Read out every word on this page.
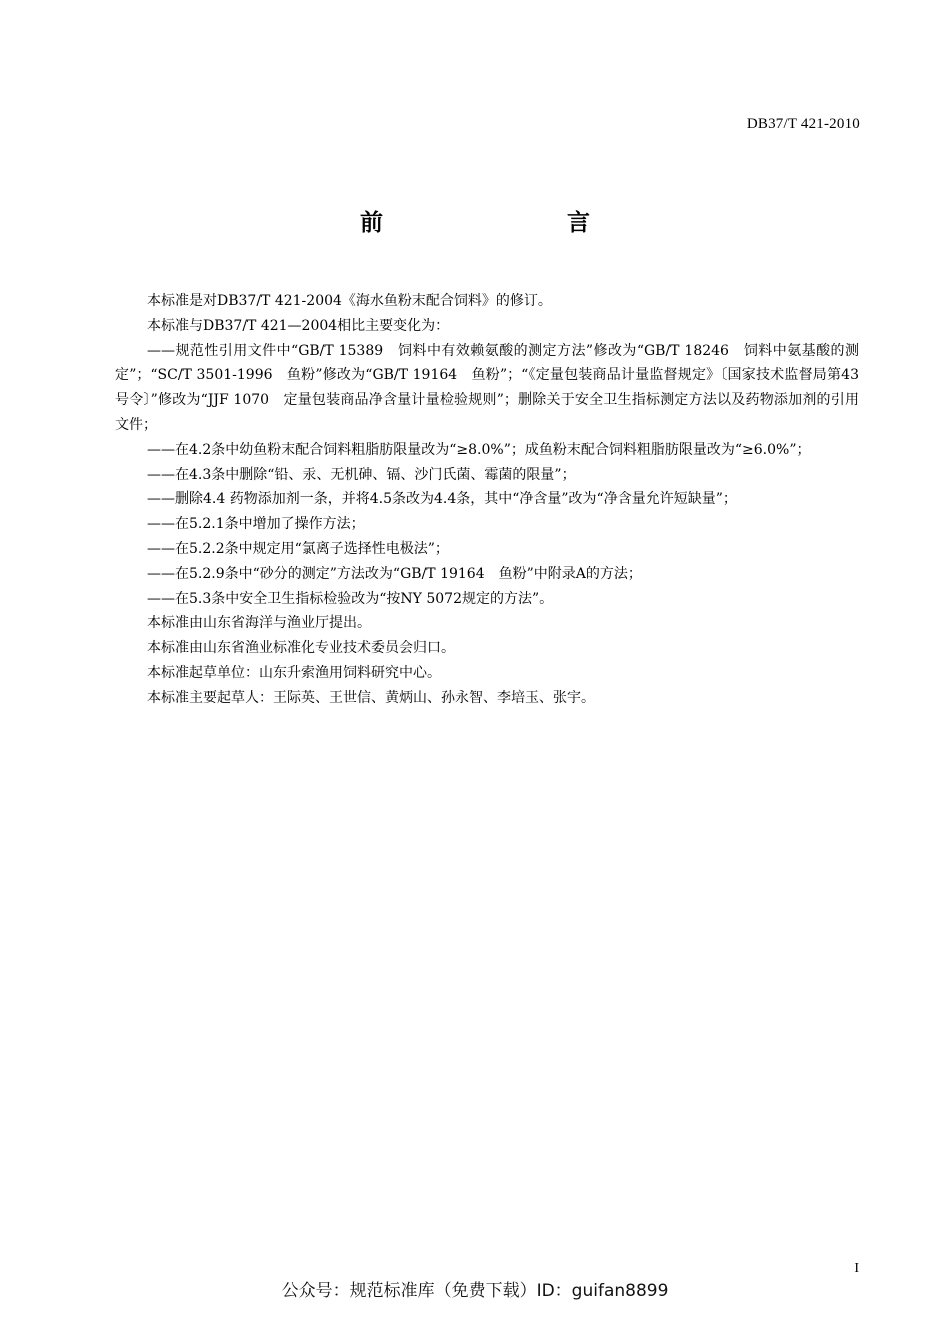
DB37/T 421-2010
前　　言

本标准是对DB37/T 421-2004《海水鱼粉末配合饲料》的修订。

本标准与DB37/T 421—2004相比主要变化为：

——规范性引用文件中“GB/T 15389　饲料中有效赖氨酸的测定方法”修改为“GB/T 18246　饲料中氨基酸的测定”；“SC/T 3501-1996　鱼粉”修改为“GB/T 19164　鱼粉”；“《定量包装商品计量监督规定》〔国家技术监督局第43号令〕”修改为“JJF 1070　定量包装商品净含量计量检验规则”；删除关于安全卫生指标测定方法以及药物添加剂的引用文件；

——在4.2条中幼鱼粉末配合饲料粗脂肪限量改为“≥8.0%”；成鱼粉末配合饲料粗脂肪限量改为“≥6.0%”；

——在4.3条中删除“铅、汞、无机砷、镉、沙门氏菌、霉菌的限量”；

——删除4.4 药物添加剂一条，并将4.5条改为4.4条，其中“净含量”改为“净含量允许短缺量”；

——在5.2.1条中增加了操作方法；

——在5.2.2条中规定用“氯离子选择性电极法”；

——在5.2.9条中“砂分的测定”方法改为“GB/T 19164　鱼粉”中附录A的方法；

——在5.3条中安全卫生指标检验改为“按NY 5072规定的方法”。

本标准由山东省海洋与渔业厅提出。

本标准由山东省渔业标准化专业技术委员会归口。

本标准起草单位：山东升索渔用饲料研究中心。

本标准主要起草人：王际英、王世信、黄炳山、孙永智、李培玉、张宇。

I
公众号：规范标准库（免费下载）ID：guifan8899
